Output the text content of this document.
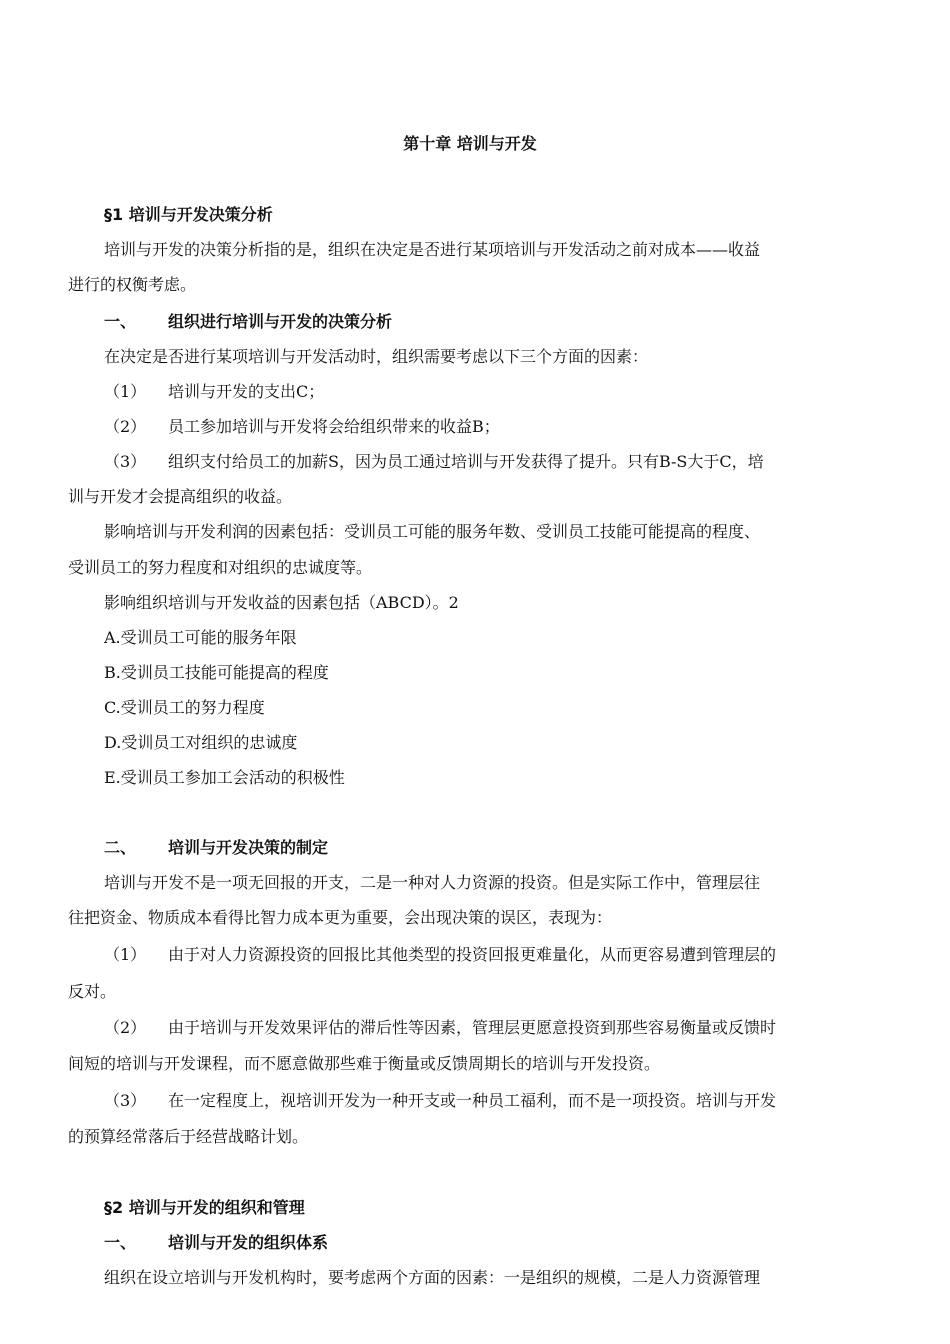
第十章 培训与开发
§1 培训与开发决策分析
培训与开发的决策分析指的是，组织在决定是否进行某项培训与开发活动之前对成本——收益
进行的权衡考虑。
一、 组织进行培训与开发的决策分析
在决定是否进行某项培训与开发活动时，组织需要考虑以下三个方面的因素：
（1） 培训与开发的支出C；
（2） 员工参加培训与开发将会给组织带来的收益B；
（3） 组织支付给员工的加薪S，因为员工通过培训与开发获得了提升。只有B-S大于C，培
训与开发才会提高组织的收益。
影响培训与开发利润的因素包括：受训员工可能的服务年数、受训员工技能可能提高的程度、
受训员工的努力程度和对组织的忠诚度等。
影响组织培训与开发收益的因素包括（ABCD）。2
A.受训员工可能的服务年限
B.受训员工技能可能提高的程度
C.受训员工的努力程度
D.受训员工对组织的忠诚度
E.受训员工参加工会活动的积极性
二、 培训与开发决策的制定
培训与开发不是一项无回报的开支，二是一种对人力资源的投资。但是实际工作中，管理层往
往把资金、物质成本看得比智力成本更为重要，会出现决策的误区，表现为：
（1） 由于对人力资源投资的回报比其他类型的投资回报更难量化，从而更容易遭到管理层的
反对。
（2） 由于培训与开发效果评估的滞后性等因素，管理层更愿意投资到那些容易衡量或反馈时
间短的培训与开发课程，而不愿意做那些难于衡量或反馈周期长的培训与开发投资。
（3） 在一定程度上，视培训开发为一种开支或一种员工福利，而不是一项投资。培训与开发
的预算经常落后于经营战略计划。
§2 培训与开发的组织和管理
一、 培训与开发的组织体系
组织在设立培训与开发机构时，要考虑两个方面的因素：一是组织的规模，二是人力资源管理
